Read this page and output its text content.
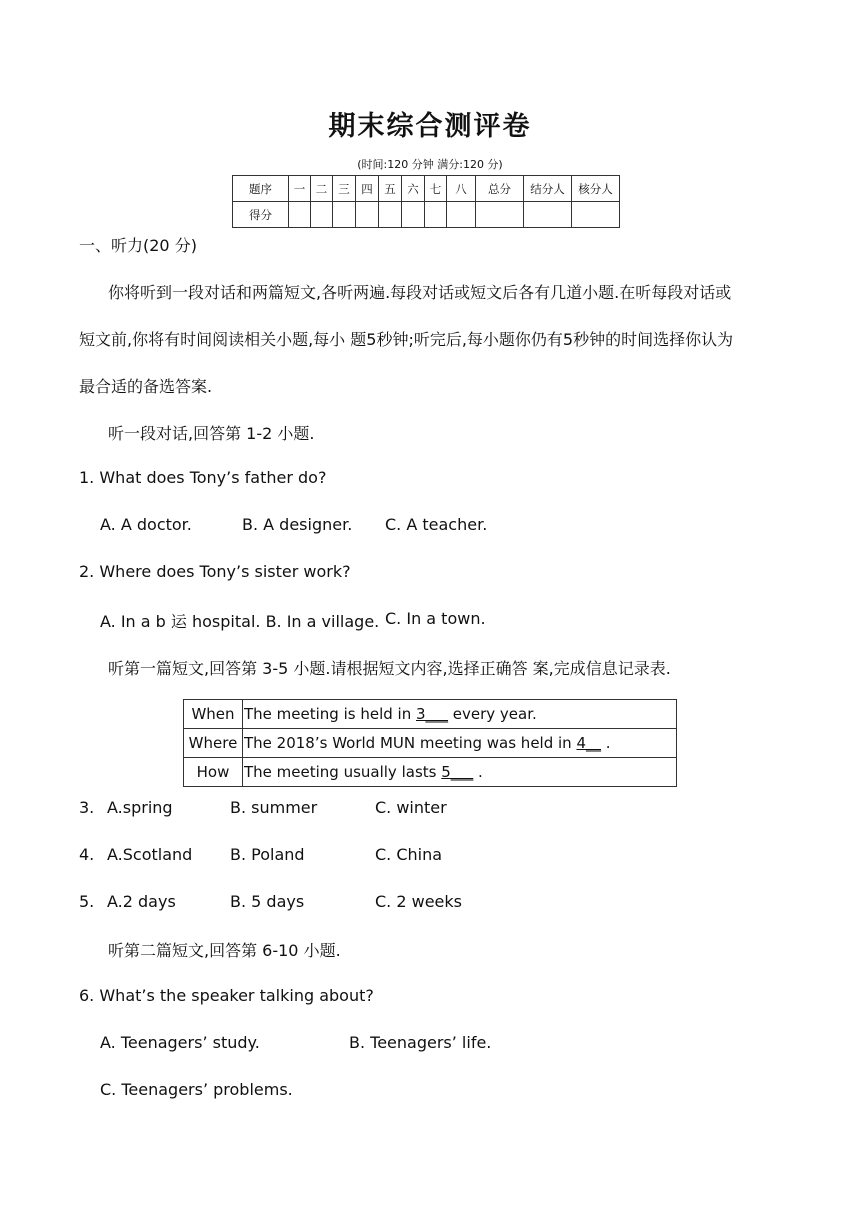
期末综合测评卷
(时间:120 分钟 满分:120 分)
题序	一	二	三	四	五	六	七	八	总分	结分人	核分人
得分											
一、听力(20 分)
你将听到一段对话和两篇短文,各听两遍.每段对话或短文后各有几道小题.在听每段对话或
短文前,你将有时间阅读相关小题,每小 题5秒钟;听完后,每小题你仍有5秒钟的时间选择你认为
最合适的备选答案.
听一段对话,回答第 1-2 小题.
1. What does Tony’s father do?
A. A doctor.	B. A designer. C. A teacher.
2. Where does Tony’s sister work?
A. In a b 运 hospital. B. In a village. C. In a town.
听第一篇短文,回答第 3-5 小题.请根据短文内容,选择正确答 案,完成信息记录表.
When	The meeting is held in 3___ every year.
Where	The 2018’s World MUN meeting was held in 4__ .
How	The meeting usually lasts 5___ .
3. A.spring	B. summer	C. winter
4. A.Scotland B. Poland	C. China
5. A.2 days	B. 5 days	C. 2 weeks
听第二篇短文,回答第 6-10 小题.
6. What’s the speaker talking about?
A. Teenagers’ study.	B. Teenagers’ life.
C. Teenagers’ problems.
